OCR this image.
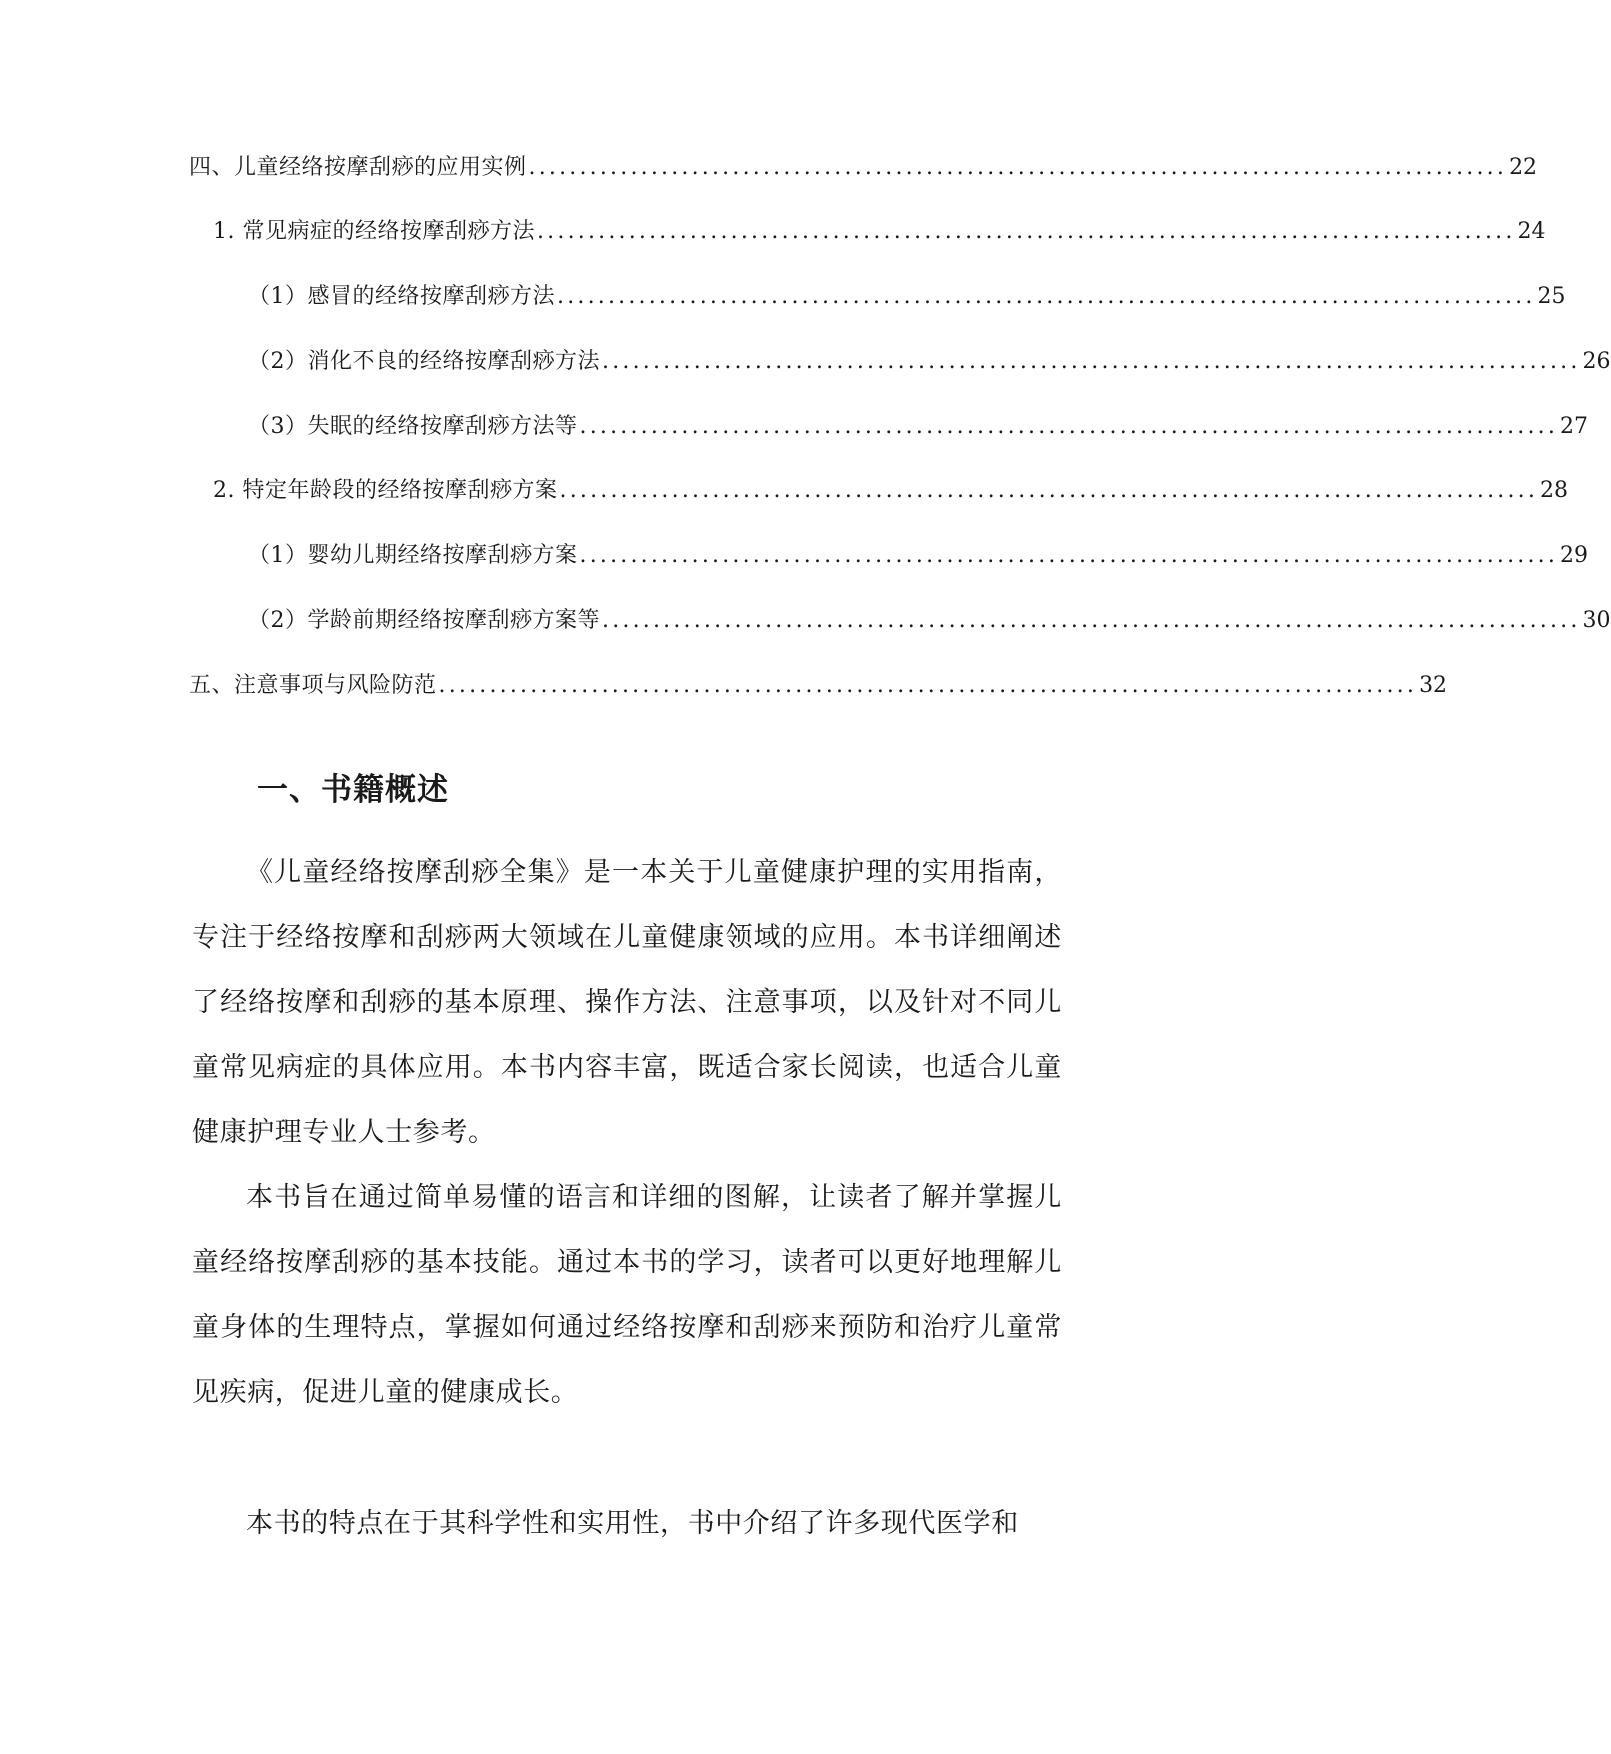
四、儿童经络按摩刮痧的应用实例 ................................................................................................ 22
1. 常见病症的经络按摩刮痧方法 ................................................................................................ 24
（1）感冒的经络按摩刮痧方法 ................................................................................................ 25
（2）消化不良的经络按摩刮痧方法 ................................................................................................ 26
（3）失眠的经络按摩刮痧方法等 ................................................................................................ 27
2. 特定年龄段的经络按摩刮痧方案 ................................................................................................ 28
（1）婴幼儿期经络按摩刮痧方案 ................................................................................................ 29
（2）学龄前期经络按摩刮痧方案等 ................................................................................................ 30
五、注意事项与风险防范 ................................................................................................ 32
一、书籍概述

《儿童经络按摩刮痧全集》是一本关于儿童健康护理的实用指南，专注于经络按摩和刮痧两大领域在儿童健康领域的应用。本书详细阐述了经络按摩和刮痧的基本原理、操作方法、注意事项，以及针对不同儿童常见病症的具体应用。本书内容丰富，既适合家长阅读，也适合儿童健康护理专业人士参考。

本书旨在通过简单易懂的语言和详细的图解，让读者了解并掌握儿童经络按摩刮痧的基本技能。通过本书的学习，读者可以更好地理解儿童身体的生理特点，掌握如何通过经络按摩和刮痧来预防和治疗儿童常见疾病，促进儿童的健康成长。

本书的特点在于其科学性和实用性，书中介绍了许多现代医学和
